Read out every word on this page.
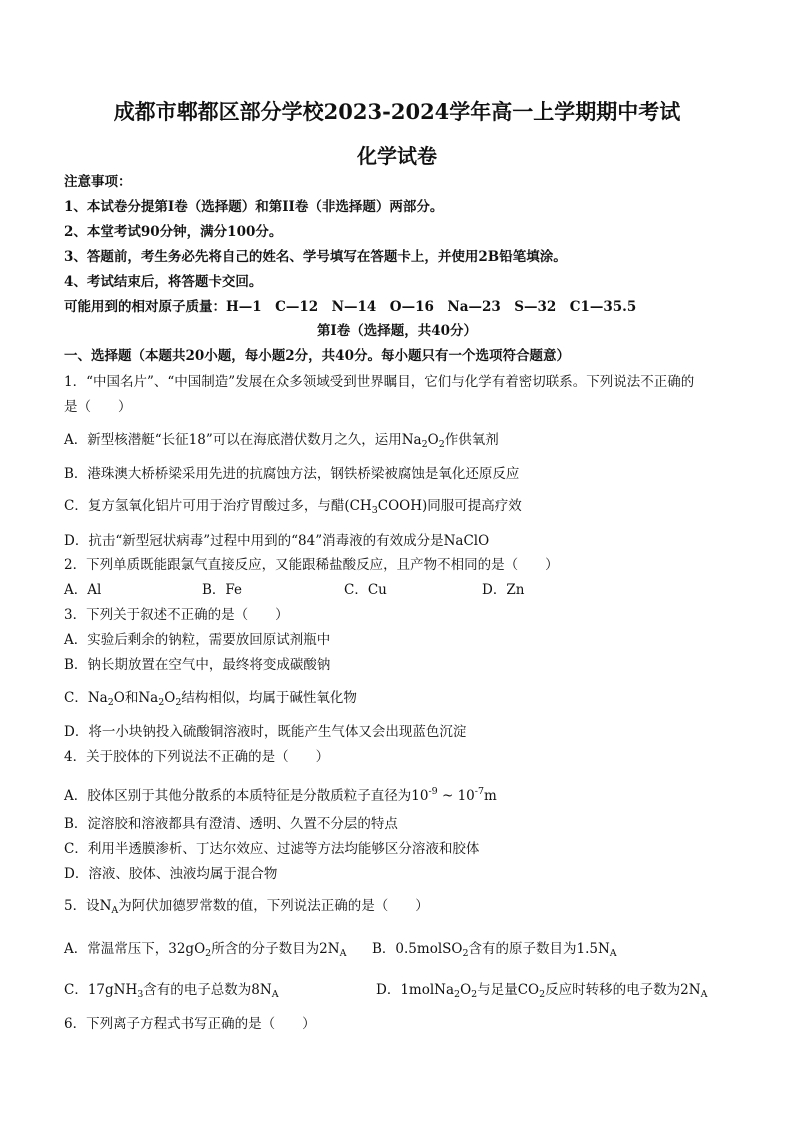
成都市郫都区部分学校2023-2024学年高一上学期期中考试
化学试卷
注意事项：
1、本试卷分提第I卷（选择题）和第II卷（非选择题）两部分。
2、本堂考试90分钟，满分100分。
3、答题前，考生务必先将自己的姓名、学号填写在答题卡上，并使用2B铅笔填涂。
4、考试结束后，将答题卡交回。
可能用到的相对原子质量：H—1　C—12　N—14　O—16　Na—23　S—32　C1—35.5
第I卷（选择题，共40分）
一、选择题（本题共20小题，每小题2分，共40分。每小题只有一个选项符合题意）
1．“中国名片”、“中国制造”发展在众多领域受到世界瞩目，它们与化学有着密切联系。下列说法不正确的
是（　　）
A．新型核潜艇“长征18”可以在海底潜伏数月之久，运用$Na_2O_2$作供氧剂
B．港珠澳大桥桥梁采用先进的抗腐蚀方法，钢铁桥梁被腐蚀是氧化还原反应
C．复方氢氧化铝片可用于治疗胃酸过多，与醋$(CH_3COOH)$同服可提高疗效
D．抗击“新型冠状病毒”过程中用到的“84”消毒液的有效成分是NaClO
2．下列单质既能跟氯气直接反应，又能跟稀盐酸反应，且产物不相同的是（　　）
A．Al	B．Fe	C．Cu	D．Zn
3．下列关于叙述不正确的是（　　）
A．实验后剩余的钠粒，需要放回原试剂瓶中
B．钠长期放置在空气中，最终将变成碳酸钠
C．$Na_2O$和$Na_2O_2$结构相似，均属于碱性氧化物
D．将一小块钠投入硫酸铜溶液时，既能产生气体又会出现蓝色沉淀
4．关于胶体的下列说法不正确的是（　　）
A．胶体区别于其他分散系的本质特征是分散质粒子直径为$10^{-9}$ ~ $10^{-7}m$
B．淀溶胶和溶液都具有澄清、透明、久置不分层的特点
C．利用半透膜渗析、丁达尔效应、过滤等方法均能够区分溶液和胶体
D．溶液、胶体、浊液均属于混合物
5．设$N_A$为阿伏加德罗常数的值，下列说法正确的是（　　）
A．常温常压下，$32gO_2$所含的分子数目为$2N_A$ B．0.5molSO$_2$含有的原子数目为$1.5N_A$
C．17gNH$_3$含有的电子总数为$8N_A$	D．$1molNa_2O_2$与足量$CO_2$反应时转移的电子数为$2N_A$
6．下列离子方程式书写正确的是（　　）
